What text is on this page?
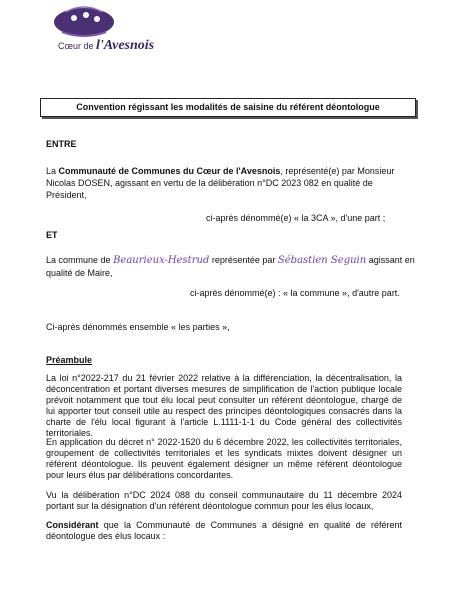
Cœur de l'Avesnois
Convention régissant les modalités de saisine du référent déontologue
ENTRE
La Communauté de Communes du Cœur de l'Avesnois, représenté(e) par Monsieur
Nicolas DOSEN, agissant en vertu de la délibération n°DC 2023 082 en qualité de
Président,
ci-après dénommé(e) « la 3CA », d'une part ;
ET
La commune de Beaurieux-Hestrud représentée par Sébastien Seguin agissant en
qualité de Maire,
ci-après dénommé(e) : « la commune », d'autre part.
Ci-après dénommés ensemble « les parties »,
Préambule
La loi n°2022-217 du 21 février 2022 relative à la différenciation, la décentralisation, la déconcentration et portant diverses mesures de simplification de l'action publique locale prévoit notamment que tout élu local peut consulter un référent déontologue, chargé de lui apporter tout conseil utile au respect des principes déontologiques consacrés dans la charte de l'élu local figurant à l'article L.1111-1-1 du Code général des collectivités territoriales.
En application du décret n° 2022-1520 du 6 décembre 2022, les collectivités territoriales, groupement de collectivités territoriales et les syndicats mixtes doivent désigner un référent déontologue. Ils peuvent également désigner un même référent déontologue pour leurs élus par délibérations concordantes.
Vu la délibération n°DC 2024 088 du conseil communautaire du 11 décembre 2024 portant sur la désignation d'un référent déontologue commun pour les élus locaux,
Considérant que la Communauté de Communes a désigné en qualité de référent déontologue des élus locaux :
